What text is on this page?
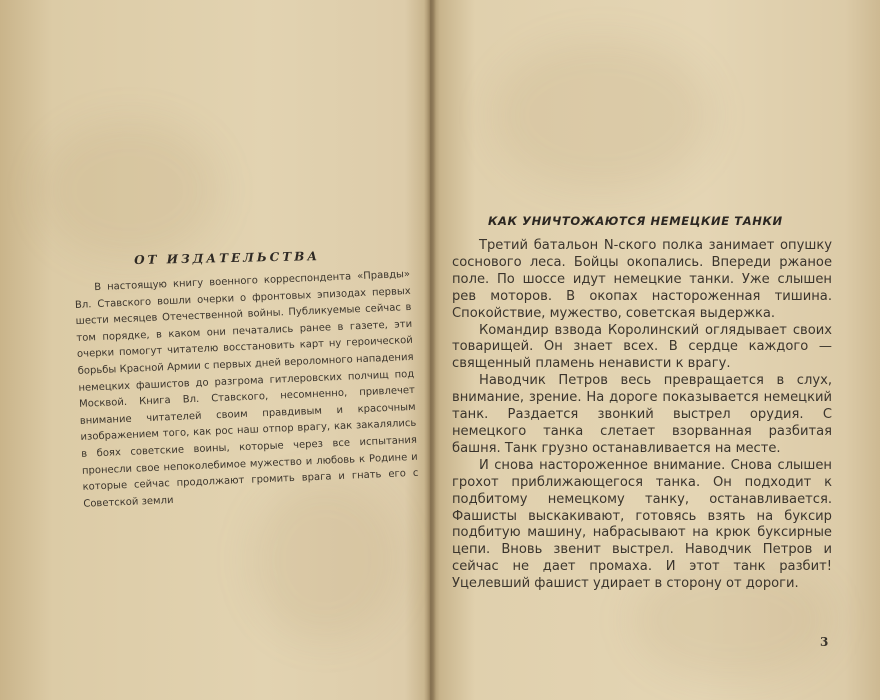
ОТ ИЗДАТЕЛЬСТВА

В настоящую книгу военного корреспондента «Правды» Вл. Ставского вошли очерки о фронтовых эпизодах первых шести месяцев Отечественной войны. Публикуемые сейчас в том порядке, в каком они печатались ранее в газете, эти очерки помогут читателю восстановить карт ну героической борьбы Красной Армии с первых дней вероломного нападения немецких фашистов до разгрома гитлеровских полчищ под Москвой. Книга Вл. Ставского, несомненно, привлечет внимание читателей своим правдивым и красочным изображением того, как рос наш отпор врагу, как закалялись в боях советские воины, которые через все испытания пронесли свое непоколебимое мужество и любовь к Родине и которые сейчас продолжают громить врага и гнать его с Советской земли

КАК УНИЧТОЖАЮТСЯ НЕМЕЦКИЕ ТАНКИ

Третий батальон N-ского полка занимает опушку соснового леса. Бойцы окопались. Впереди ржаное поле. По шоссе идут немецкие танки. Уже слышен рев моторов. В окопах настороженная тишина. Спокойствие, мужество, советская выдержка.

Командир взвода Королинский оглядывает своих товарищей. Он знает всех. В сердце каждого — священный пламень ненависти к врагу.

Наводчик Петров весь превращается в слух, внимание, зрение. На дороге показывается немецкий танк. Раздается звонкий выстрел орудия. С немецкого танка слетает взорванная разбитая башня. Танк грузно останавливается на месте.

И снова настороженное внимание. Снова слышен грохот приближающегося танка. Он подходит к подбитому немецкому танку, останавливается. Фашисты выскакивают, готовясь взять на буксир подбитую машину, набрасывают на крюк буксирные цепи. Вновь звенит выстрел. Наводчик Петров и сейчас не дает промаха. И этот танк разбит! Уцелевший фашист удирает в сторону от дороги.

3
